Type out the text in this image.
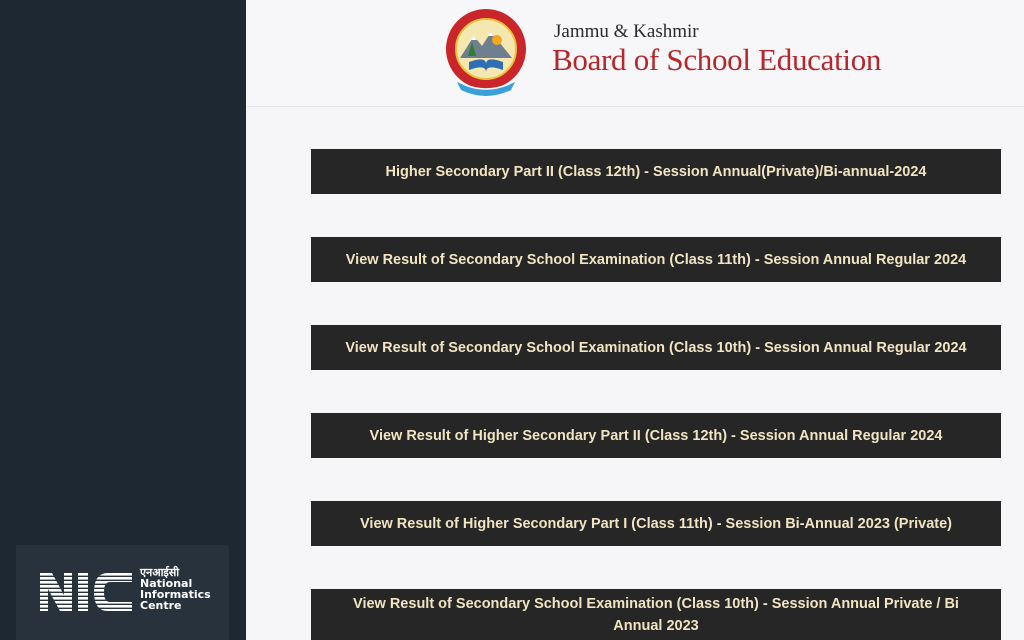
एनआईसी
National
Informatics
Centre
Jammu & Kashmir
Board of School Education
Higher Secondary Part II (Class 12th) - Session Annual(Private)/Bi-annual-2024
View Result of Secondary School Examination (Class 11th) - Session Annual Regular 2024
View Result of Secondary School Examination (Class 10th) - Session Annual Regular 2024
View Result of Higher Secondary Part II (Class 12th) - Session Annual Regular 2024
View Result of Higher Secondary Part I (Class 11th) - Session Bi-Annual 2023 (Private)
View Result of Secondary School Examination (Class 10th) - Session Annual Private / Bi Annual 2023
